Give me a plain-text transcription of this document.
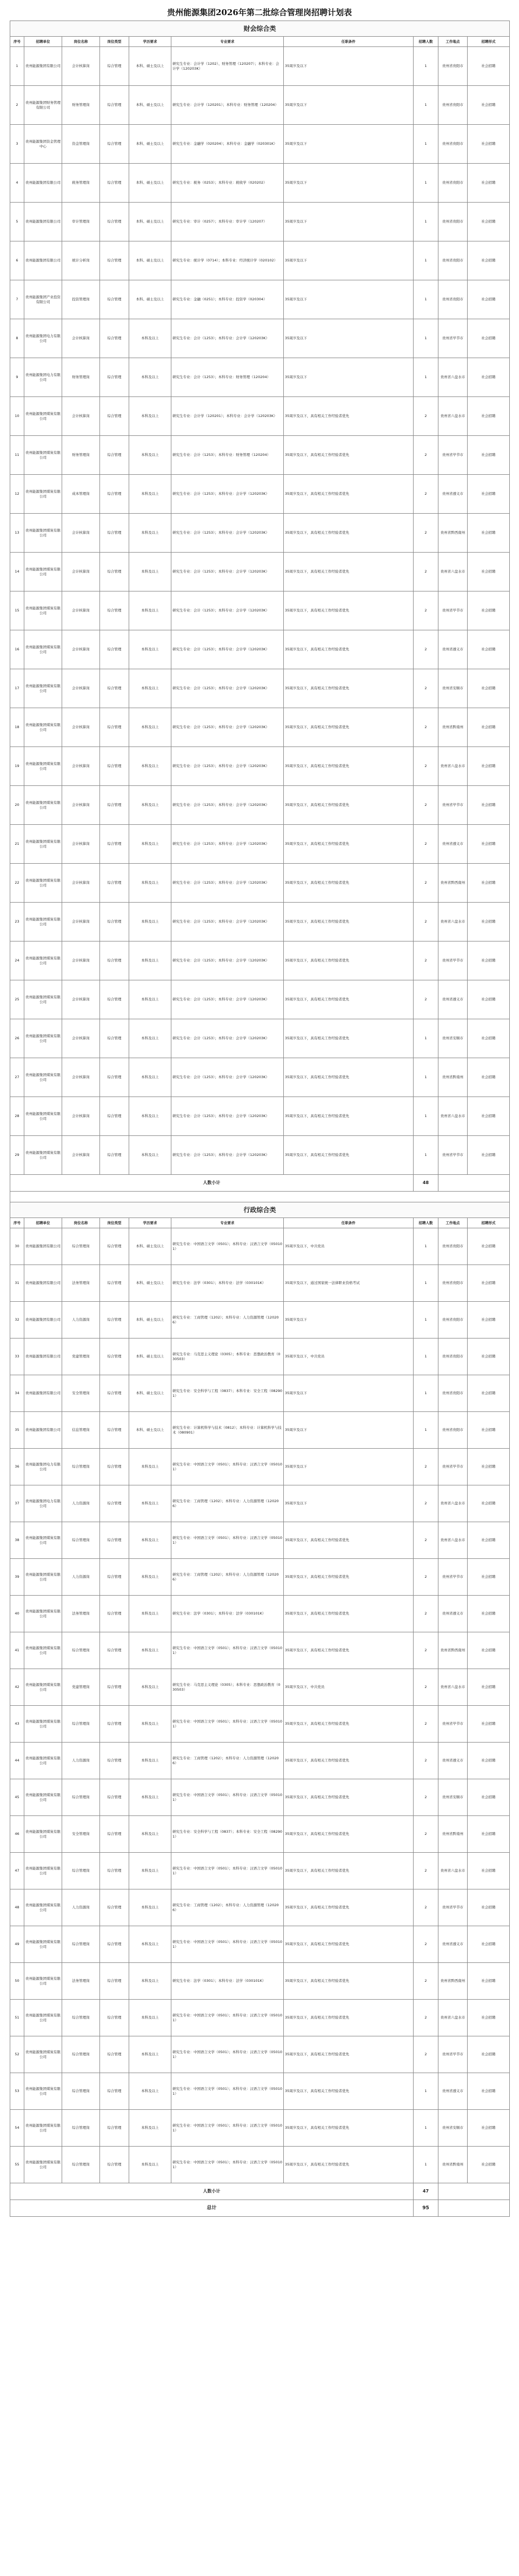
贵州能源集团2026年第二批综合管理岗招聘计划表
财会综合类									
序号	招聘单位	岗位名称	岗位类型	学历要求	专业要求	任职条件	招聘人数	工作地点	招聘形式
1	贵州能源集团有限公司	会计核算岗	综合管理	本科、硕士及以上	研究生专业：会计学（1202）、财务管理（120207）；本科专业：会计学（120203K）	35周岁及以下	1	贵州省贵阳市	社会招聘
2	贵州能源集团财务管理有限公司	财务管理岗	综合管理	本科、硕士及以上	研究生专业：会计学（120201）；本科专业：财务管理（120204）	35周岁及以下	1	贵州省贵阳市	社会招聘
3	贵州能源集团资金管理中心	资金管理岗	综合管理	本科、硕士及以上	研究生专业：金融学（020204）；本科专业：金融学（020301K）	35周岁及以下	1	贵州省贵阳市	社会招聘
4	贵州能源集团有限公司	税务管理岗	综合管理	本科、硕士及以上	研究生专业：税务（0253）；本科专业：税收学（020202）	35周岁及以下	1	贵州省贵阳市	社会招聘
5	贵州能源集团有限公司	审计管理岗	综合管理	本科、硕士及以上	研究生专业：审计（0257）；本科专业：审计学（120207）	35周岁及以下	1	贵州省贵阳市	社会招聘
6	贵州能源集团有限公司	统计分析岗	综合管理	本科、硕士及以上	研究生专业：统计学（0714）；本科专业：经济统计学（020102）	35周岁及以下	1	贵州省贵阳市	社会招聘
7	贵州能源集团产业投资有限公司	投资管理岗	综合管理	本科、硕士及以上	研究生专业：金融（0251）；本科专业：投资学（020304）	35周岁及以下	1	贵州省贵阳市	社会招聘
8	贵州能源集团电力有限公司	会计核算岗	综合管理	本科及以上	研究生专业：会计（1253）；本科专业：会计学（120203K）	35周岁及以下	1	贵州省毕节市	社会招聘
9	贵州能源集团电力有限公司	财务管理岗	综合管理	本科及以上	研究生专业：会计（1253）；本科专业：财务管理（120204）	35周岁及以下	1	贵州省六盘水市	社会招聘
10	贵州能源集团煤炭有限公司	会计核算岗	综合管理	本科及以上	研究生专业：会计学（120201）；本科专业：会计学（120203K）	35周岁及以下，具有相关工作经验者优先	2	贵州省六盘水市	社会招聘
11	贵州能源集团煤炭有限公司	财务管理岗	综合管理	本科及以上	研究生专业：会计（1253）；本科专业：财务管理（120204）	35周岁及以下，具有相关工作经验者优先	2	贵州省毕节市	社会招聘
12	贵州能源集团煤炭有限公司	成本管理岗	综合管理	本科及以上	研究生专业：会计（1253）；本科专业：会计学（120203K）	35周岁及以下，具有相关工作经验者优先	2	贵州省遵义市	社会招聘
13	贵州能源集团煤炭有限公司	会计核算岗	综合管理	本科及以上	研究生专业：会计（1253）；本科专业：会计学（120203K）	35周岁及以下，具有相关工作经验者优先	2	贵州省黔西南州	社会招聘
14	贵州能源集团煤炭有限公司	会计核算岗	综合管理	本科及以上	研究生专业：会计（1253）；本科专业：会计学（120203K）	35周岁及以下，具有相关工作经验者优先	2	贵州省六盘水市	社会招聘
15	贵州能源集团煤炭有限公司	会计核算岗	综合管理	本科及以上	研究生专业：会计（1253）；本科专业：会计学（120203K）	35周岁及以下，具有相关工作经验者优先	2	贵州省毕节市	社会招聘
16	贵州能源集团煤炭有限公司	会计核算岗	综合管理	本科及以上	研究生专业：会计（1253）；本科专业：会计学（120203K）	35周岁及以下，具有相关工作经验者优先	2	贵州省遵义市	社会招聘
17	贵州能源集团煤炭有限公司	会计核算岗	综合管理	本科及以上	研究生专业：会计（1253）；本科专业：会计学（120203K）	35周岁及以下，具有相关工作经验者优先	2	贵州省安顺市	社会招聘
18	贵州能源集团煤炭有限公司	会计核算岗	综合管理	本科及以上	研究生专业：会计（1253）；本科专业：会计学（120203K）	35周岁及以下，具有相关工作经验者优先	2	贵州省黔南州	社会招聘
19	贵州能源集团煤炭有限公司	会计核算岗	综合管理	本科及以上	研究生专业：会计（1253）；本科专业：会计学（120203K）	35周岁及以下，具有相关工作经验者优先	2	贵州省六盘水市	社会招聘
20	贵州能源集团煤炭有限公司	会计核算岗	综合管理	本科及以上	研究生专业：会计（1253）；本科专业：会计学（120203K）	35周岁及以下，具有相关工作经验者优先	2	贵州省毕节市	社会招聘
21	贵州能源集团煤炭有限公司	会计核算岗	综合管理	本科及以上	研究生专业：会计（1253）；本科专业：会计学（120203K）	35周岁及以下，具有相关工作经验者优先	2	贵州省遵义市	社会招聘
22	贵州能源集团煤炭有限公司	会计核算岗	综合管理	本科及以上	研究生专业：会计（1253）；本科专业：会计学（120203K）	35周岁及以下，具有相关工作经验者优先	2	贵州省黔西南州	社会招聘
23	贵州能源集团煤炭有限公司	会计核算岗	综合管理	本科及以上	研究生专业：会计（1253）；本科专业：会计学（120203K）	35周岁及以下，具有相关工作经验者优先	2	贵州省六盘水市	社会招聘
24	贵州能源集团煤炭有限公司	会计核算岗	综合管理	本科及以上	研究生专业：会计（1253）；本科专业：会计学（120203K）	35周岁及以下，具有相关工作经验者优先	2	贵州省毕节市	社会招聘
25	贵州能源集团煤炭有限公司	会计核算岗	综合管理	本科及以上	研究生专业：会计（1253）；本科专业：会计学（120203K）	35周岁及以下，具有相关工作经验者优先	2	贵州省遵义市	社会招聘
26	贵州能源集团煤炭有限公司	会计核算岗	综合管理	本科及以上	研究生专业：会计（1253）；本科专业：会计学（120203K）	35周岁及以下，具有相关工作经验者优先	1	贵州省安顺市	社会招聘
27	贵州能源集团煤炭有限公司	会计核算岗	综合管理	本科及以上	研究生专业：会计（1253）；本科专业：会计学（120203K）	35周岁及以下，具有相关工作经验者优先	1	贵州省黔南州	社会招聘
28	贵州能源集团煤炭有限公司	会计核算岗	综合管理	本科及以上	研究生专业：会计（1253）；本科专业：会计学（120203K）	35周岁及以下，具有相关工作经验者优先	1	贵州省六盘水市	社会招聘
29	贵州能源集团煤炭有限公司	会计核算岗	综合管理	本科及以上	研究生专业：会计（1253）；本科专业：会计学（120203K）	35周岁及以下，具有相关工作经验者优先	1	贵州省毕节市	社会招聘
人数小计							48		

行政综合类									
序号	招聘单位	岗位名称	岗位类型	学历要求	专业要求	任职条件	招聘人数	工作地点	招聘形式
30	贵州能源集团有限公司	综合管理岗	综合管理	本科、硕士及以上	研究生专业：中国语言文学（0501）；本科专业：汉语言文学（050101）	35周岁及以下，中共党员	1	贵州省贵阳市	社会招聘
31	贵州能源集团有限公司	法务管理岗	综合管理	本科、硕士及以上	研究生专业：法学（0301）；本科专业：法学（030101K）	35周岁及以下，通过国家统一法律职业资格考试	1	贵州省贵阳市	社会招聘
32	贵州能源集团有限公司	人力资源岗	综合管理	本科、硕士及以上	研究生专业：工商管理（1202）；本科专业：人力资源管理（120206）	35周岁及以下	1	贵州省贵阳市	社会招聘
33	贵州能源集团有限公司	党建管理岗	综合管理	本科、硕士及以上	研究生专业：马克思主义理论（0305）；本科专业：思想政治教育（030503）	35周岁及以下，中共党员	1	贵州省贵阳市	社会招聘
34	贵州能源集团有限公司	安全管理岗	综合管理	本科、硕士及以上	研究生专业：安全科学与工程（0837）；本科专业：安全工程（082901）	35周岁及以下	1	贵州省贵阳市	社会招聘
35	贵州能源集团有限公司	信息管理岗	综合管理	本科、硕士及以上	研究生专业：计算机科学与技术（0812）；本科专业：计算机科学与技术（080901）	35周岁及以下	1	贵州省贵阳市	社会招聘
36	贵州能源集团电力有限公司	综合管理岗	综合管理	本科及以上	研究生专业：中国语言文学（0501）；本科专业：汉语言文学（050101）	35周岁及以下	2	贵州省毕节市	社会招聘
37	贵州能源集团电力有限公司	人力资源岗	综合管理	本科及以上	研究生专业：工商管理（1202）；本科专业：人力资源管理（120206）	35周岁及以下	2	贵州省六盘水市	社会招聘
38	贵州能源集团煤炭有限公司	综合管理岗	综合管理	本科及以上	研究生专业：中国语言文学（0501）；本科专业：汉语言文学（050101）	35周岁及以下，具有相关工作经验者优先	2	贵州省六盘水市	社会招聘
39	贵州能源集团煤炭有限公司	人力资源岗	综合管理	本科及以上	研究生专业：工商管理（1202）；本科专业：人力资源管理（120206）	35周岁及以下，具有相关工作经验者优先	2	贵州省毕节市	社会招聘
40	贵州能源集团煤炭有限公司	法务管理岗	综合管理	本科及以上	研究生专业：法学（0301）；本科专业：法学（030101K）	35周岁及以下，具有相关工作经验者优先	2	贵州省遵义市	社会招聘
41	贵州能源集团煤炭有限公司	综合管理岗	综合管理	本科及以上	研究生专业：中国语言文学（0501）；本科专业：汉语言文学（050101）	35周岁及以下，具有相关工作经验者优先	2	贵州省黔西南州	社会招聘
42	贵州能源集团煤炭有限公司	党建管理岗	综合管理	本科及以上	研究生专业：马克思主义理论（0305）；本科专业：思想政治教育（030503）	35周岁及以下，中共党员	2	贵州省六盘水市	社会招聘
43	贵州能源集团煤炭有限公司	综合管理岗	综合管理	本科及以上	研究生专业：中国语言文学（0501）；本科专业：汉语言文学（050101）	35周岁及以下，具有相关工作经验者优先	2	贵州省毕节市	社会招聘
44	贵州能源集团煤炭有限公司	人力资源岗	综合管理	本科及以上	研究生专业：工商管理（1202）；本科专业：人力资源管理（120206）	35周岁及以下，具有相关工作经验者优先	2	贵州省遵义市	社会招聘
45	贵州能源集团煤炭有限公司	综合管理岗	综合管理	本科及以上	研究生专业：中国语言文学（0501）；本科专业：汉语言文学（050101）	35周岁及以下，具有相关工作经验者优先	2	贵州省安顺市	社会招聘
46	贵州能源集团煤炭有限公司	安全管理岗	综合管理	本科及以上	研究生专业：安全科学与工程（0837）；本科专业：安全工程（082901）	35周岁及以下，具有相关工作经验者优先	2	贵州省黔南州	社会招聘
47	贵州能源集团煤炭有限公司	综合管理岗	综合管理	本科及以上	研究生专业：中国语言文学（0501）；本科专业：汉语言文学（050101）	35周岁及以下，具有相关工作经验者优先	2	贵州省六盘水市	社会招聘
48	贵州能源集团煤炭有限公司	人力资源岗	综合管理	本科及以上	研究生专业：工商管理（1202）；本科专业：人力资源管理（120206）	35周岁及以下，具有相关工作经验者优先	2	贵州省毕节市	社会招聘
49	贵州能源集团煤炭有限公司	综合管理岗	综合管理	本科及以上	研究生专业：中国语言文学（0501）；本科专业：汉语言文学（050101）	35周岁及以下，具有相关工作经验者优先	2	贵州省遵义市	社会招聘
50	贵州能源集团煤炭有限公司	法务管理岗	综合管理	本科及以上	研究生专业：法学（0301）；本科专业：法学（030101K）	35周岁及以下，具有相关工作经验者优先	2	贵州省黔西南州	社会招聘
51	贵州能源集团煤炭有限公司	综合管理岗	综合管理	本科及以上	研究生专业：中国语言文学（0501）；本科专业：汉语言文学（050101）	35周岁及以下，具有相关工作经验者优先	2	贵州省六盘水市	社会招聘
52	贵州能源集团煤炭有限公司	综合管理岗	综合管理	本科及以上	研究生专业：中国语言文学（0501）；本科专业：汉语言文学（050101）	35周岁及以下，具有相关工作经验者优先	2	贵州省毕节市	社会招聘
53	贵州能源集团煤炭有限公司	综合管理岗	综合管理	本科及以上	研究生专业：中国语言文学（0501）；本科专业：汉语言文学（050101）	35周岁及以下，具有相关工作经验者优先	1	贵州省遵义市	社会招聘
54	贵州能源集团煤炭有限公司	综合管理岗	综合管理	本科及以上	研究生专业：中国语言文学（0501）；本科专业：汉语言文学（050101）	35周岁及以下，具有相关工作经验者优先	1	贵州省安顺市	社会招聘
55	贵州能源集团煤炭有限公司	综合管理岗	综合管理	本科及以上	研究生专业：中国语言文学（0501）；本科专业：汉语言文学（050101）	35周岁及以下，具有相关工作经验者优先	1	贵州省黔南州	社会招聘
人数小计							47		
总计							95		
